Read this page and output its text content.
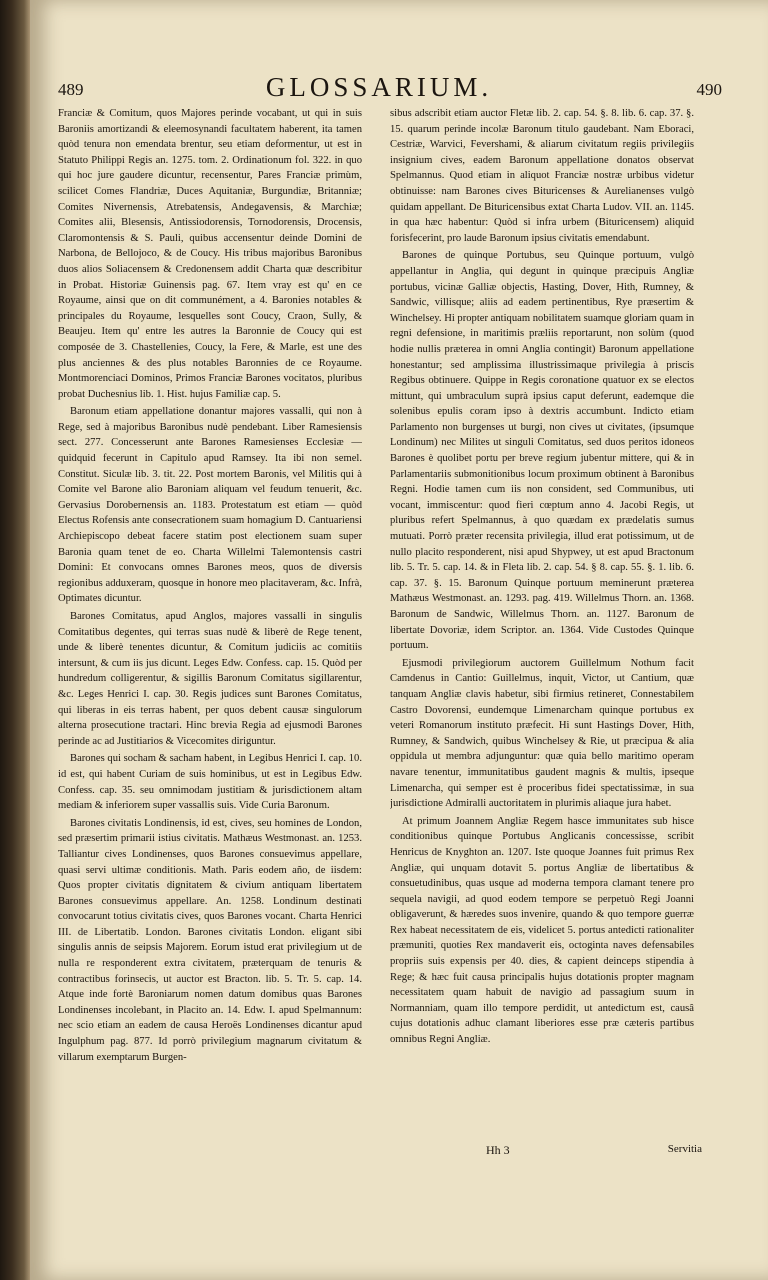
489	GLOSSARIUM.	490

Franciæ & Comitum, quos Majores perinde vocabant, ut qui in suis Baroniis amortizandi & eleemosynandi facultatem haberent, ita tamen quòd tenura non emendata brentur, seu etiam deformentur, ut est in Statuto Philippi Regis an. 1275. tom. 2. Ordinationum fol. 322. in quo qui hoc jure gaudere dicuntur, recensentur, Pares Franciæ primùm, scilicet Comes Flandriæ, Duces Aquitaniæ, Burgundiæ, Britanniæ; Comites Nivernensis, Atrebatensis, Andegavensis, & Marchiæ; Comites alii, Blesensis, Antissiodorensis, Tornodorensis, Drocensis, Claromontensis & S. Pauli, quibus accensentur deinde Domini de Narbona, de Bellojoco, & de Coucy. His tribus majoribus Baronibus duos alios Soliacensem & Credonensem addit Charta quæ describitur in Probat. Historiæ Guinensis pag. 67. Item vray est qu' en ce Royaume, ainsi que on dit communément, a 4. Baronies notables & principales du Royaume, lesquelles sont Coucy, Craon, Sully, & Beaujeu. Item qu' entre les autres la Baronnie de Coucy qui est composée de 3. Chastellenies, Coucy, la Fere, & Marle, est une des plus anciennes & des plus notables Baronnies de ce Royaume. Montmorenciaci Dominos, Primos Franciæ Barones vocitatos, pluribus probat Duchesnius lib. 1. Hist. hujus Familiæ cap. 5.

Baronum etiam appellatione donantur majores vassalli, qui non à Rege, sed à majoribus Baronibus nudè pendebant. Liber Ramesiensis sect. 277. Concesserunt ante Barones Ramesienses Ecclesiæ — quidquid fecerunt in Capitulo apud Ramsey. Ita ibi non semel. Constitut. Siculæ lib. 3. tit. 22. Post mortem Baronis, vel Militis qui à Comite vel Barone alio Baroniam aliquam vel feudum tenuerit, &c. Gervasius Dorobernensis an. 1183. Protestatum est etiam — quòd Electus Rofensis ante consecrationem suam homagium D. Cantuariensi Archiepiscopo debeat facere statim post electionem suam super Baronia quam tenet de eo. Charta Willelmi Talemontensis castri Domini: Et convocans omnes Barones meos, quos de diversis regionibus adduxeram, quosque in honore meo placitaveram, &c. Infrà, Optimates dicuntur.

Barones Comitatus, apud Anglos, majores vassalli in singulis Comitatibus degentes, qui terras suas nudè & liberè de Rege tenent, unde & liberè tenentes dicuntur, & Comitum judiciis ac comitiis intersunt, & cum iis jus dicunt. Leges Edw. Confess. cap. 15. Quòd per hundredum colligerentur, & sigillis Baronum Comitatus sigillarentur, &c. Leges Henrici I. cap. 30. Regis judices sunt Barones Comitatus, qui liberas in eis terras habent, per quos debent causæ singulorum alterna prosecutione tractari. Hinc brevia Regia ad ejusmodi Barones perinde ac ad Justitiarios & Vicecomites diriguntur.

Barones qui socham & sacham habent, in Legibus Henrici I. cap. 10. id est, qui habent Curiam de suis hominibus, ut est in Legibus Edw. Confess. cap. 35. seu omnimodam justitiam & jurisdictionem altam mediam & inferiorem super vassallis suis. Vide Curia Baronum.

Barones civitatis Londinensis, id est, cives, seu homines de London, sed præsertim primarii istius civitatis. Mathæus Westmonast. an. 1253. Talliantur cives Londinenses, quos Barones consuevimus appellare, quasi servi ultimæ conditionis. Math. Paris eodem año, de iisdem: Quos propter civitatis dignitatem & civium antiquam libertatem Barones consuevimus appellare. An. 1258. Londinum destinati convocarunt totius civitatis cives, quos Barones vocant. Charta Henrici III. de Libertatib. London. Barones civitatis London. eligant sibi singulis annis de seipsis Majorem. Eorum istud erat privilegium ut de nulla re responderent extra civitatem, præterquam de tenuris & contractibus forinsecis, ut auctor est Bracton. lib. 5. Tr. 5. cap. 14. Atque inde fortè Baroniarum nomen datum domibus quas Barones Londinenses incolebant, in Placito an. 14. Edw. I. apud Spelmannum: nec scio etiam an eadem de causa Heroës Londinenses dicantur apud Ingulphum pag. 877. Id porrò privilegium magnarum civitatum & villarum exemptarum Burgen-

sibus adscribit etiam auctor Fletæ lib. 2. cap. 54. §. 8. lib. 6. cap. 37. §. 15. quarum perinde incolæ Baronum titulo gaudebant. Nam Eboraci, Cestriæ, Warvici, Fevershami, & aliarum civitatum regiis privilegiis insignium cives, eadem Baronum appellatione donatos observat Spelmannus. Quod etiam in aliquot Franciæ nostræ urbibus videtur obtinuisse: nam Barones cives Bituricenses & Aurelianenses vulgò quidam appellant. De Bituricensibus extat Charta Ludov. VII. an. 1145. in qua hæc habentur: Quòd si infra urbem (Bituricensem) aliquid forisfecerint, pro laude Baronum ipsius civitatis emendabunt.

Barones de quinque Portubus, seu Quinque portuum, vulgò appellantur in Anglia, qui degunt in quinque præcipuis Angliæ portubus, vicinæ Galliæ objectis, Hasting, Dover, Hith, Rumney, & Sandwic, villisque; aliis ad eadem pertinentibus, Rye præsertim & Winchelsey. Hi propter antiquam nobilitatem suamque gloriam quam in regni defensione, in maritimis præliis reportarunt, non solùm (quod hodie nullis præterea in omni Anglia contingit) Baronum appellatione honestantur; sed amplissima illustrissimaque privilegia à priscis Regibus obtinuere. Quippe in Regis coronatione quatuor ex se electos mittunt, qui umbraculum suprà ipsius caput deferunt, eademque die solenibus epulis coram ipso à dextris accumbunt. Indicto etiam Parlamento non burgenses ut burgi, non cives ut civitates, (ipsumque Londinum) nec Milites ut singuli Comitatus, sed duos peritos idoneos Barones è quolibet portu per breve regium jubentur mittere, qui & in Parlamentariis submonitionibus locum proximum obtinent à Baronibus Regni. Hodie tamen cum iis non consident, sed Communibus, uti vocant, immiscentur: quod fieri cœptum anno 4. Jacobi Regis, ut pluribus refert Spelmannus, à quo quædam ex prædelatis sumus mutuati. Porrò præter recensita privilegia, illud erat potissimum, ut de nullo placito responderent, nisi apud Shypwey, ut est apud Bractonum lib. 5. Tr. 5. cap. 14. & in Fleta lib. 2. cap. 54. § 8. cap. 55. §. 1. lib. 6. cap. 37. §. 15. Baronum Quinque portuum meminerunt præterea Mathæus Westmonast. an. 1293. pag. 419. Willelmus Thorn. an. 1368. Baronum de Sandwic, Willelmus Thorn. an. 1127. Baronum de libertate Dovoriæ, idem Scriptor. an. 1364. Vide Custodes Quinque portuum.

Ejusmodi privilegiorum auctorem Guillelmum Nothum facit Camdenus in Cantio: Guillelmus, inquit, Victor, ut Cantium, quæ tanquam Angliæ clavis habetur, sibi firmius retineret, Connestabilem Castro Dovorensi, eundemque Limenarcham quinque portubus ex veteri Romanorum instituto præfecit. Hi sunt Hastings Dover, Hith, Rumney, & Sandwich, quibus Winchelsey & Rie, ut præcipua & alia oppidula ut membra adjunguntur: quæ quia bello maritimo operam navare tenentur, immunitatibus gaudent magnis & multis, ipseque Limenarcha, qui semper est è proceribus fidei spectatissimæ, in sua jurisdictione Admiralli auctoritatem in plurimis aliaque jura habet.

At primum Joannem Angliæ Regem hasce immunitates sub hisce conditionibus quinque Portubus Anglicanis concessisse, scribit Henricus de Knyghton an. 1207. Iste quoque Joannes fuit primus Rex Angliæ, qui unquam dotavit 5. portus Angliæ de libertatibus & consuetudinibus, quas usque ad moderna tempora clamant tenere pro sequela navigii, ad quod eodem tempore se perpetuò Regi Joanni obligaverunt, & hæredes suos invenire, quando & quo tempore guerræ Rex habeat necessitatem de eis, videlicet 5. portus antedicti rationaliter præmuniti, quoties Rex mandaverit eis, octoginta naves defensabiles propriis suis expensis per 40. dies, & capient deinceps stipendia à Rege; & hæc fuit causa principalis hujus dotationis propter magnam necessitatem quam habuit de navigio ad passagium suum in Normanniam, quam illo tempore perdidit, ut antedictum est, causâ cujus dotationis adhuc clamant liberiores esse præ cæteris partibus omnibus Regni Angliæ.

Hh 3	Servitia
